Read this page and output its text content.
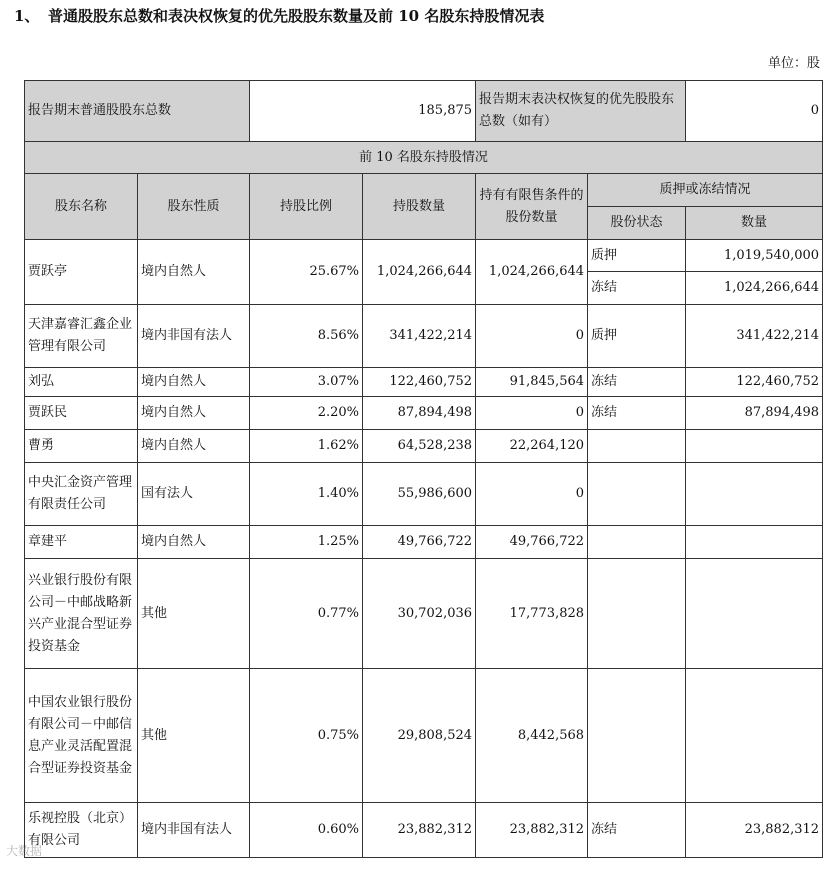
1、 普通股股东总数和表决权恢复的优先股股东数量及前 10 名股东持股情况表
单位：股
报告期末普通股股东总数		185,875		报告期末表决权恢复的优先股股东总数（如有）		0
前 10 名股东持股情况						
股东名称	股东性质	持股比例	持股数量	持有有限售条件的股份数量	质押或冻结情况	
					股份状态	数量
贾跃亭	境内自然人	25.67%	1,024,266,644	1,024,266,644	质押	1,019,540,000
					冻结	1,024,266,644
天津嘉睿汇鑫企业管理有限公司	境内非国有法人	8.56%	341,422,214	0	质押	341,422,214
刘弘	境内自然人	3.07%	122,460,752	91,845,564	冻结	122,460,752
贾跃民	境内自然人	2.20%	87,894,498	0	冻结	87,894,498
曹勇	境内自然人	1.62%	64,528,238	22,264,120		
中央汇金资产管理有限责任公司	国有法人	1.40%	55,986,600	0		
章建平	境内自然人	1.25%	49,766,722	49,766,722		
兴业银行股份有限公司－中邮战略新兴产业混合型证券投资基金	其他	0.77%	30,702,036	17,773,828		
中国农业银行股份有限公司－中邮信息产业灵活配置混合型证券投资基金	其他	0.75%	29,808,524	8,442,568		
乐视控股（北京）有限公司	境内非国有法人	0.60%	23,882,312	23,882,312	冻结	23,882,312
大数据
